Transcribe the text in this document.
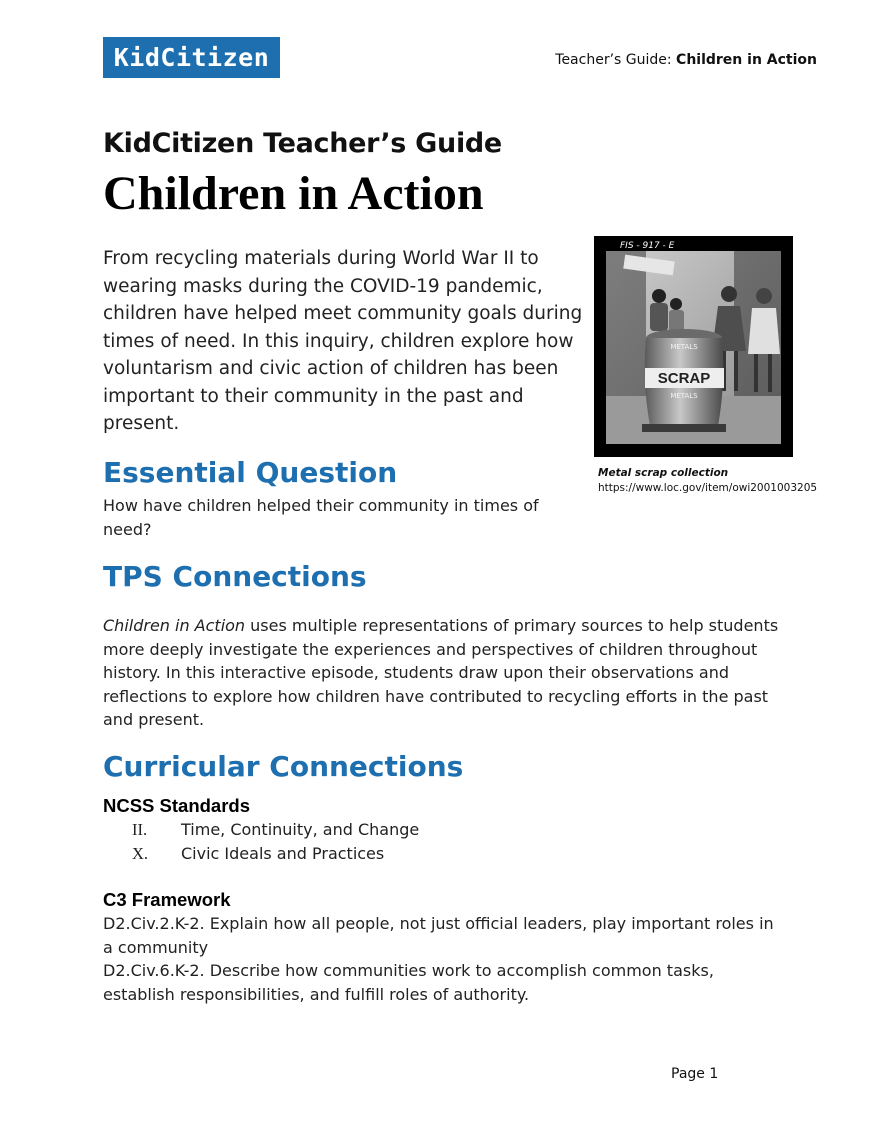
KidCitizen	Teacher’s Guide: Children in Action
KidCitizen Teacher’s Guide
Children in Action

From recycling materials during World War II to wearing masks during the COVID-19 pandemic, children have helped meet community goals during times of need. In this inquiry, children explore how voluntarism and civic action of children has been important to their community in the past and present.

FIS - 917 - E
METALS
SCRAP
METALS
Metal scrap collection
https://www.loc.gov/item/owi2001003205
Essential Question

How have children helped their community in times of need?

TPS Connections

Children in Action uses multiple representations of primary sources to help students more deeply investigate the experiences and perspectives of children throughout history. In this interactive episode, students draw upon their observations and reflections to explore how children have contributed to recycling efforts in the past and present.

Curricular Connections
NCSS Standards
II. Time, Continuity, and Change
X. Civic Ideals and Practices
C3 Framework

D2.Civ.2.K-2. Explain how all people, not just official leaders, play important roles in a community

D2.Civ.6.K-2. Describe how communities work to accomplish common tasks, establish responsibilities, and fulfill roles of authority.

Page 1
